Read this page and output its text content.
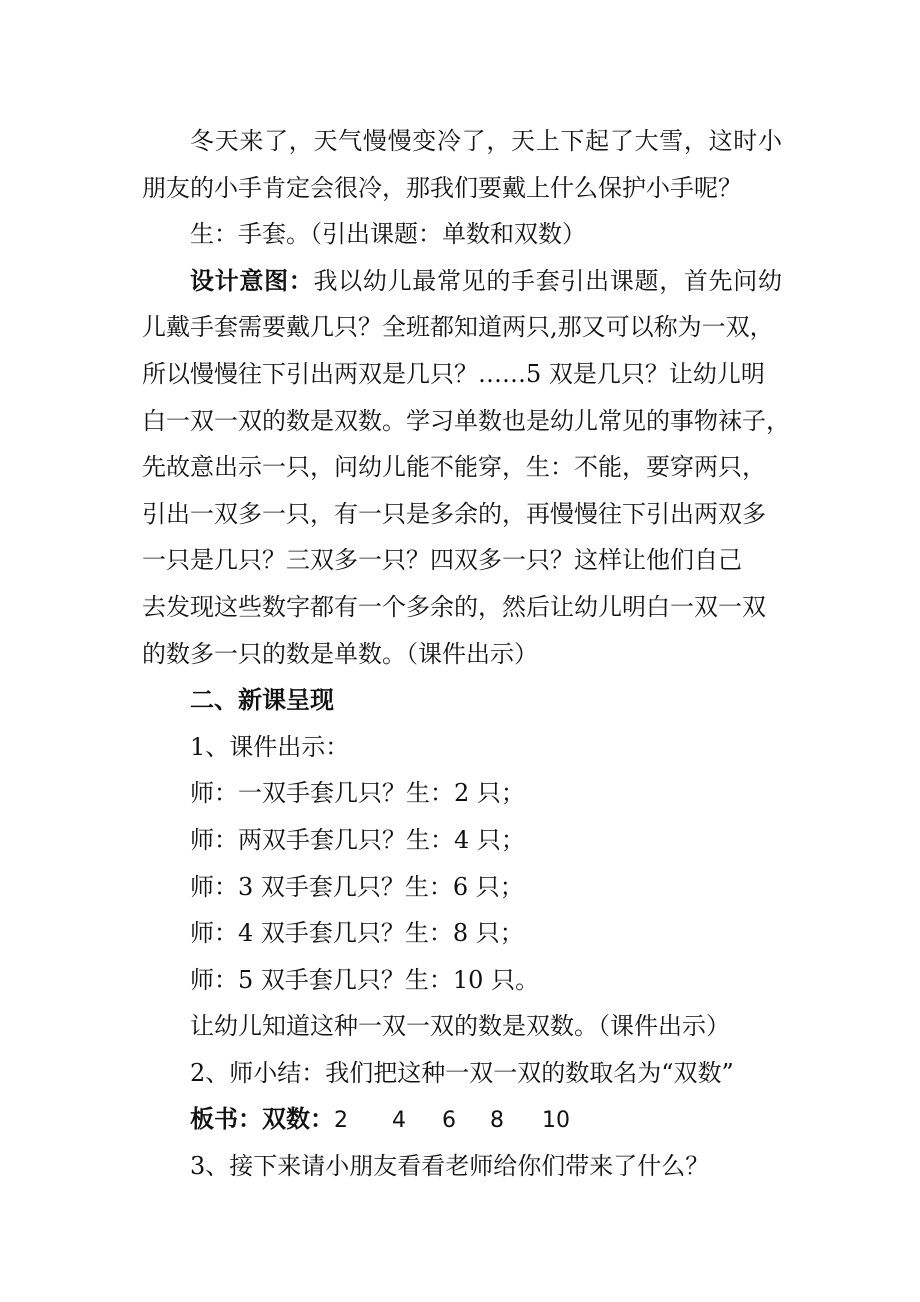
冬天来了，天气慢慢变冷了，天上下起了大雪，这时小
朋友的小手肯定会很冷，那我们要戴上什么保护小手呢？
生：手套。（引出课题：单数和双数）
设计意图：我以幼儿最常见的手套引出课题，首先问幼
儿戴手套需要戴几只？全班都知道两只,那又可以称为一双，
所以慢慢往下引出两双是几只？……5 双是几只？让幼儿明
白一双一双的数是双数。学习单数也是幼儿常见的事物袜子，
先故意出示一只，问幼儿能不能穿，生：不能，要穿两只，
引出一双多一只，有一只是多余的，再慢慢往下引出两双多
一只是几只？三双多一只？四双多一只？这样让他们自己
去发现这些数字都有一个多余的，然后让幼儿明白一双一双
的数多一只的数是单数。（课件出示）
二、新课呈现
1、课件出示：
师：一双手套几只？生：2 只；
师：两双手套几只？生：4 只；
师：3 双手套几只？生：6 只；
师：4 双手套几只？生：8 只；
师：5 双手套几只？生：10 只。
让幼儿知道这种一双一双的数是双数。（课件出示）
2、师小结：我们把这种一双一双的数取名为“双数”
板书：双数：2 4 6 8 10
3、接下来请小朋友看看老师给你们带来了什么？
